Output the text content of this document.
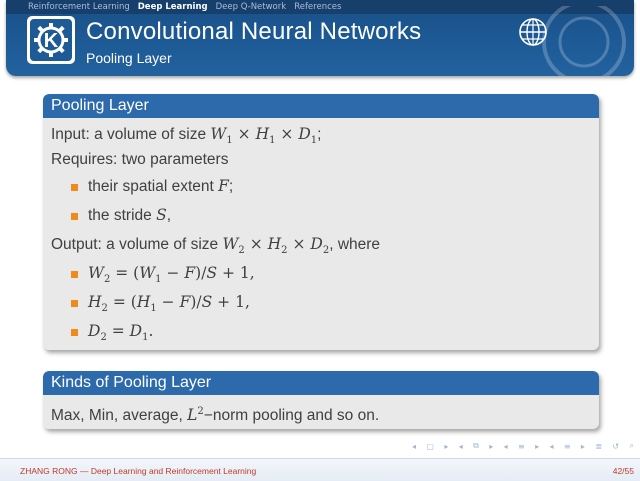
Reinforcement Learning Deep Learning Deep Q-Network References
K Convolutional Neural Networks
Pooling Layer
Pooling Layer
Input: a volume of size $W_1 \times H_1 \times D_1$;
Requires: two parameters
their spatial extent F;
the stride S,
Output: a volume of size $W_2 \times H_2 \times D_2$, where
$W_2 = (W_1 - F)/S + 1$,
$H_2 = (H_1 - F)/S + 1$,
$D_2 = D_1$.
Kinds of Pooling Layer
Max, Min, average, $L^2-norm$ pooling and so on.
◂ ▢ ▸ ◂ ⧉ ▸ ◂ ≡ ▸ ◂ ≡ ▸ ≣ ↺ ⌕
ZHANG RONG — Deep Learning and Reinforcement Learning	42/55
